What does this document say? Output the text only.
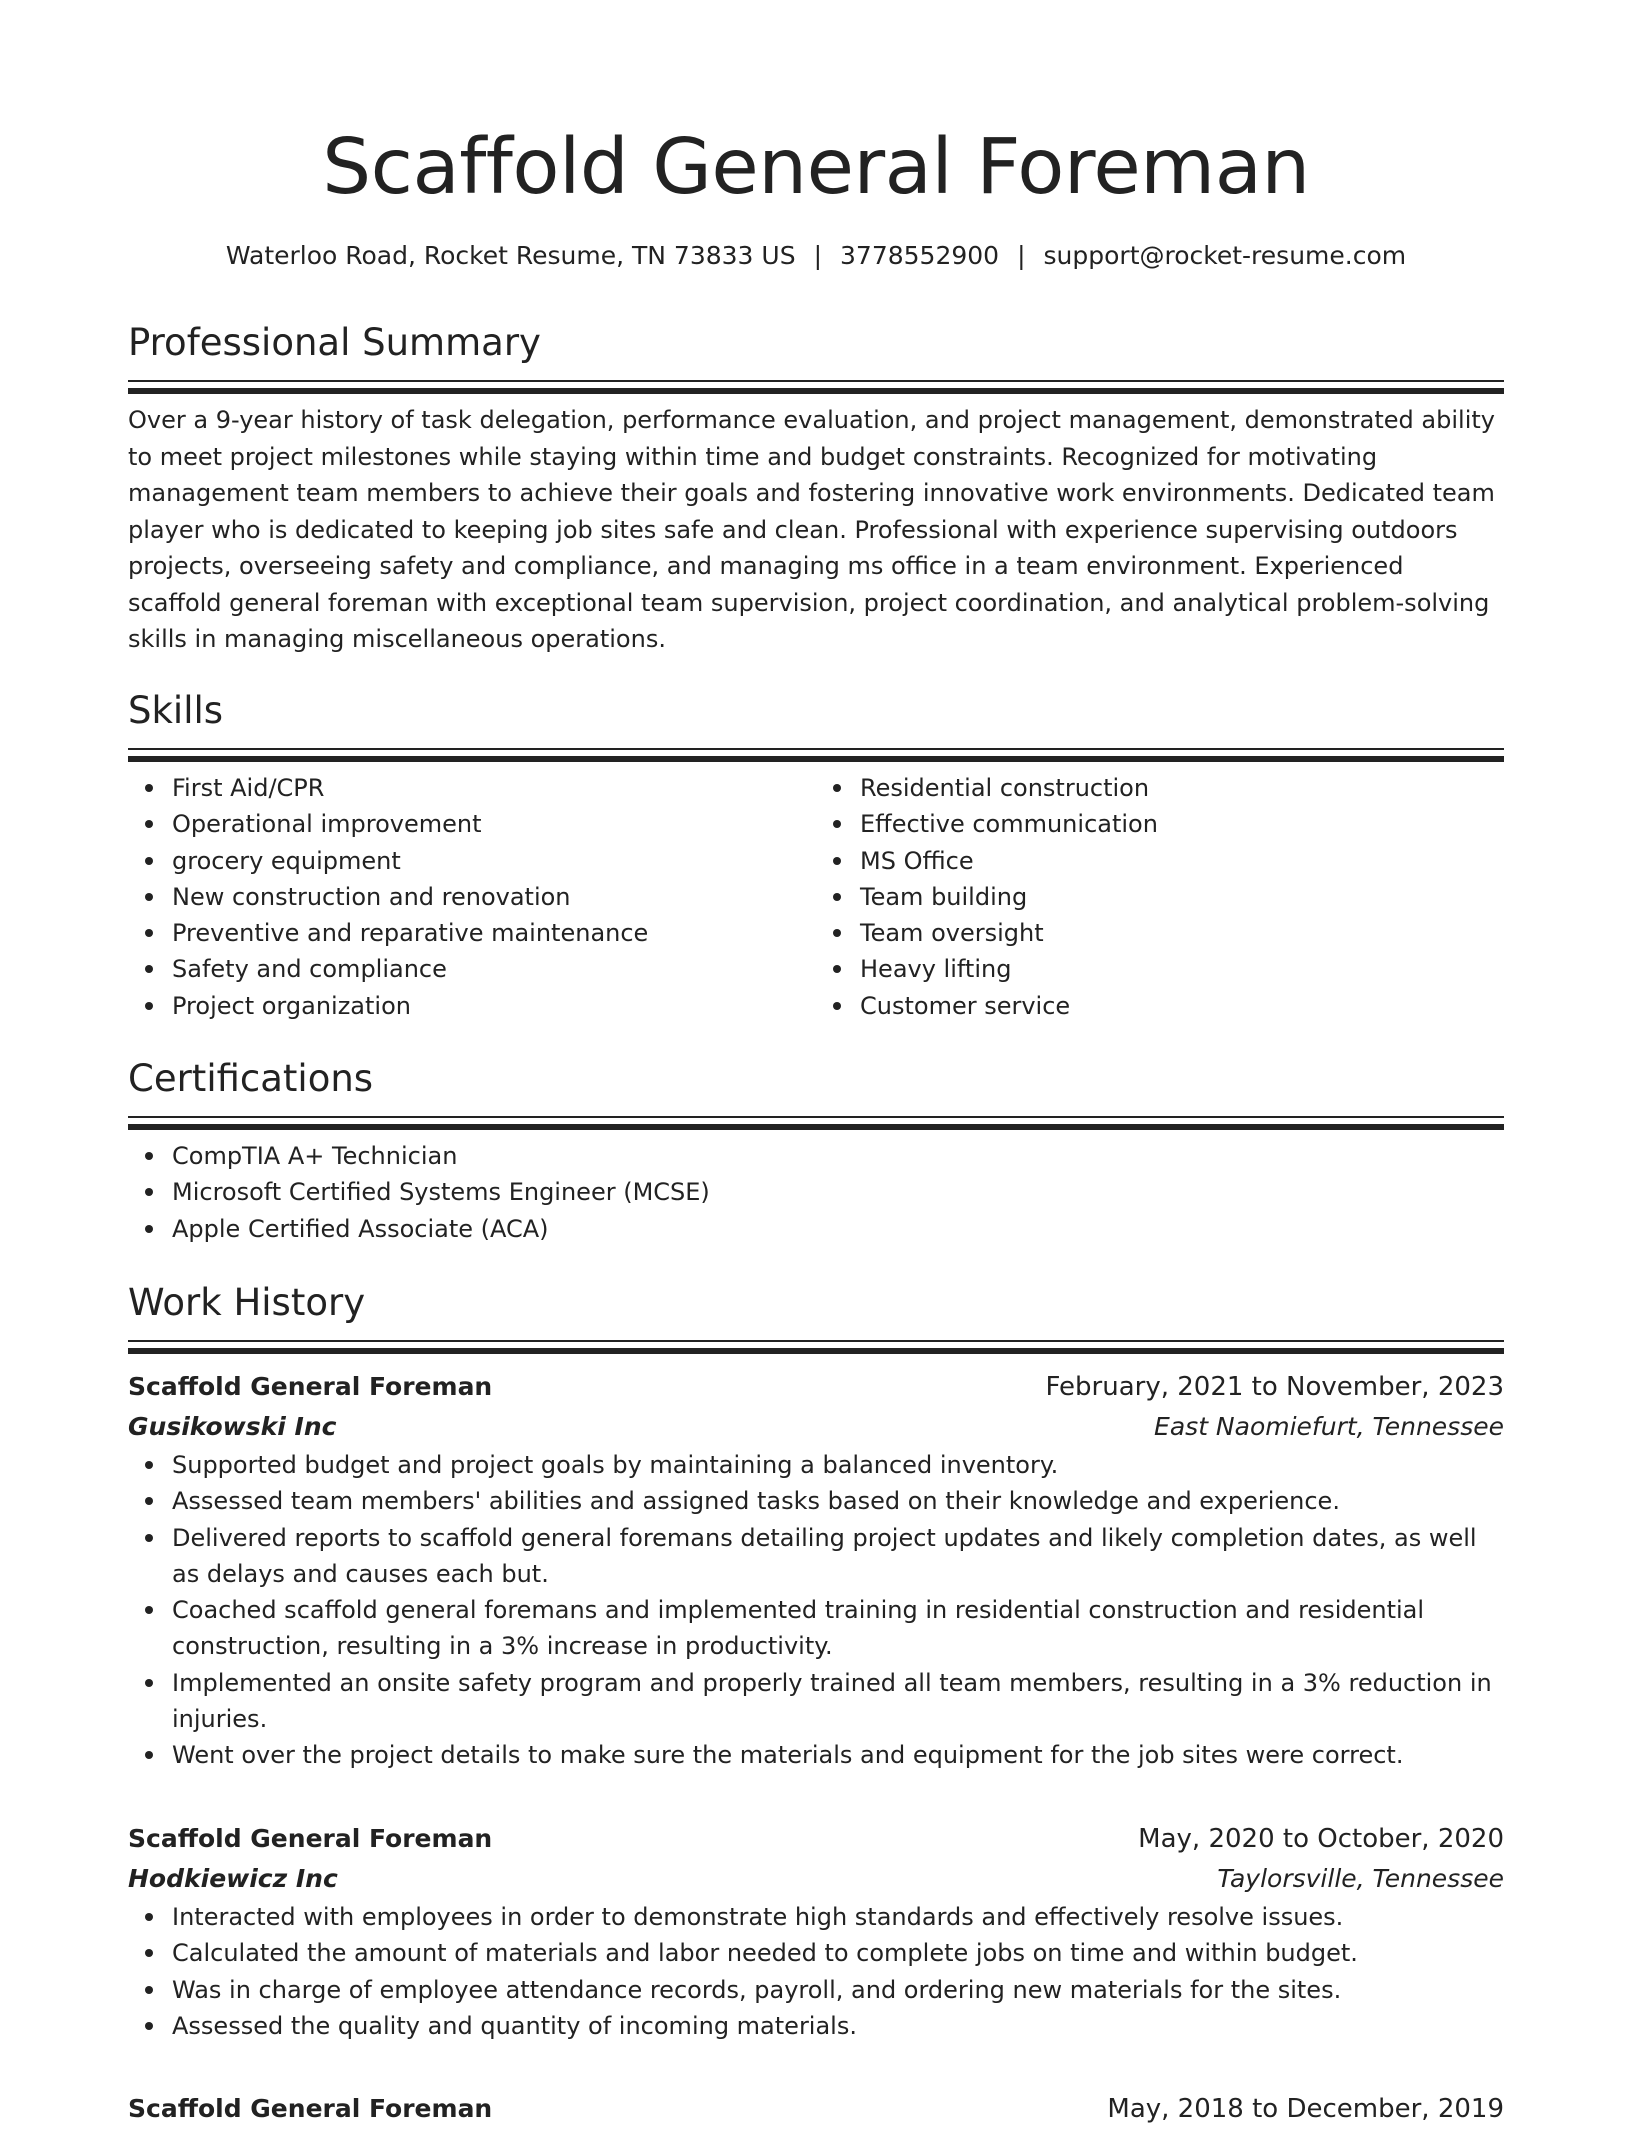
Scaffold General Foreman
Waterloo Road, Rocket Resume, TN 73833 US | 3778552900 | support@rocket-resume.com
Professional Summary

Over a 9-year history of task delegation, performance evaluation, and project management, demonstrated ability to meet project milestones while staying within time and budget constraints. Recognized for motivating management team members to achieve their goals and fostering innovative work environments. Dedicated team player who is dedicated to keeping job sites safe and clean. Professional with experience supervising outdoors projects, overseeing safety and compliance, and managing ms office in a team environment. Experienced scaffold general foreman with exceptional team supervision, project coordination, and analytical problem-solving skills in managing miscellaneous operations.

Skills
First Aid/CPR
Operational improvement
grocery equipment
New construction and renovation
Preventive and reparative maintenance
Safety and compliance
Project organization
Residential construction
Effective communication
MS Office
Team building
Team oversight
Heavy lifting
Customer service
Certifications
CompTIA A+ Technician
Microsoft Certified Systems Engineer (MCSE)
Apple Certified Associate (ACA)
Work History
Scaffold General Foreman	February, 2021 to November, 2023
Gusikowski Inc	East Naomiefurt, Tennessee
Supported budget and project goals by maintaining a balanced inventory.
Assessed team members' abilities and assigned tasks based on their knowledge and experience.
Delivered reports to scaffold general foremans detailing project updates and likely completion dates, as well as delays and causes each but.
Coached scaffold general foremans and implemented training in residential construction and residential construction, resulting in a 3% increase in productivity.
Implemented an onsite safety program and properly trained all team members, resulting in a 3% reduction in injuries.
Went over the project details to make sure the materials and equipment for the job sites were correct.
Scaffold General Foreman	May, 2020 to October, 2020
Hodkiewicz Inc	Taylorsville, Tennessee
Interacted with employees in order to demonstrate high standards and effectively resolve issues.
Calculated the amount of materials and labor needed to complete jobs on time and within budget.
Was in charge of employee attendance records, payroll, and ordering new materials for the sites.
Assessed the quality and quantity of incoming materials.
Scaffold General Foreman	May, 2018 to December, 2019
